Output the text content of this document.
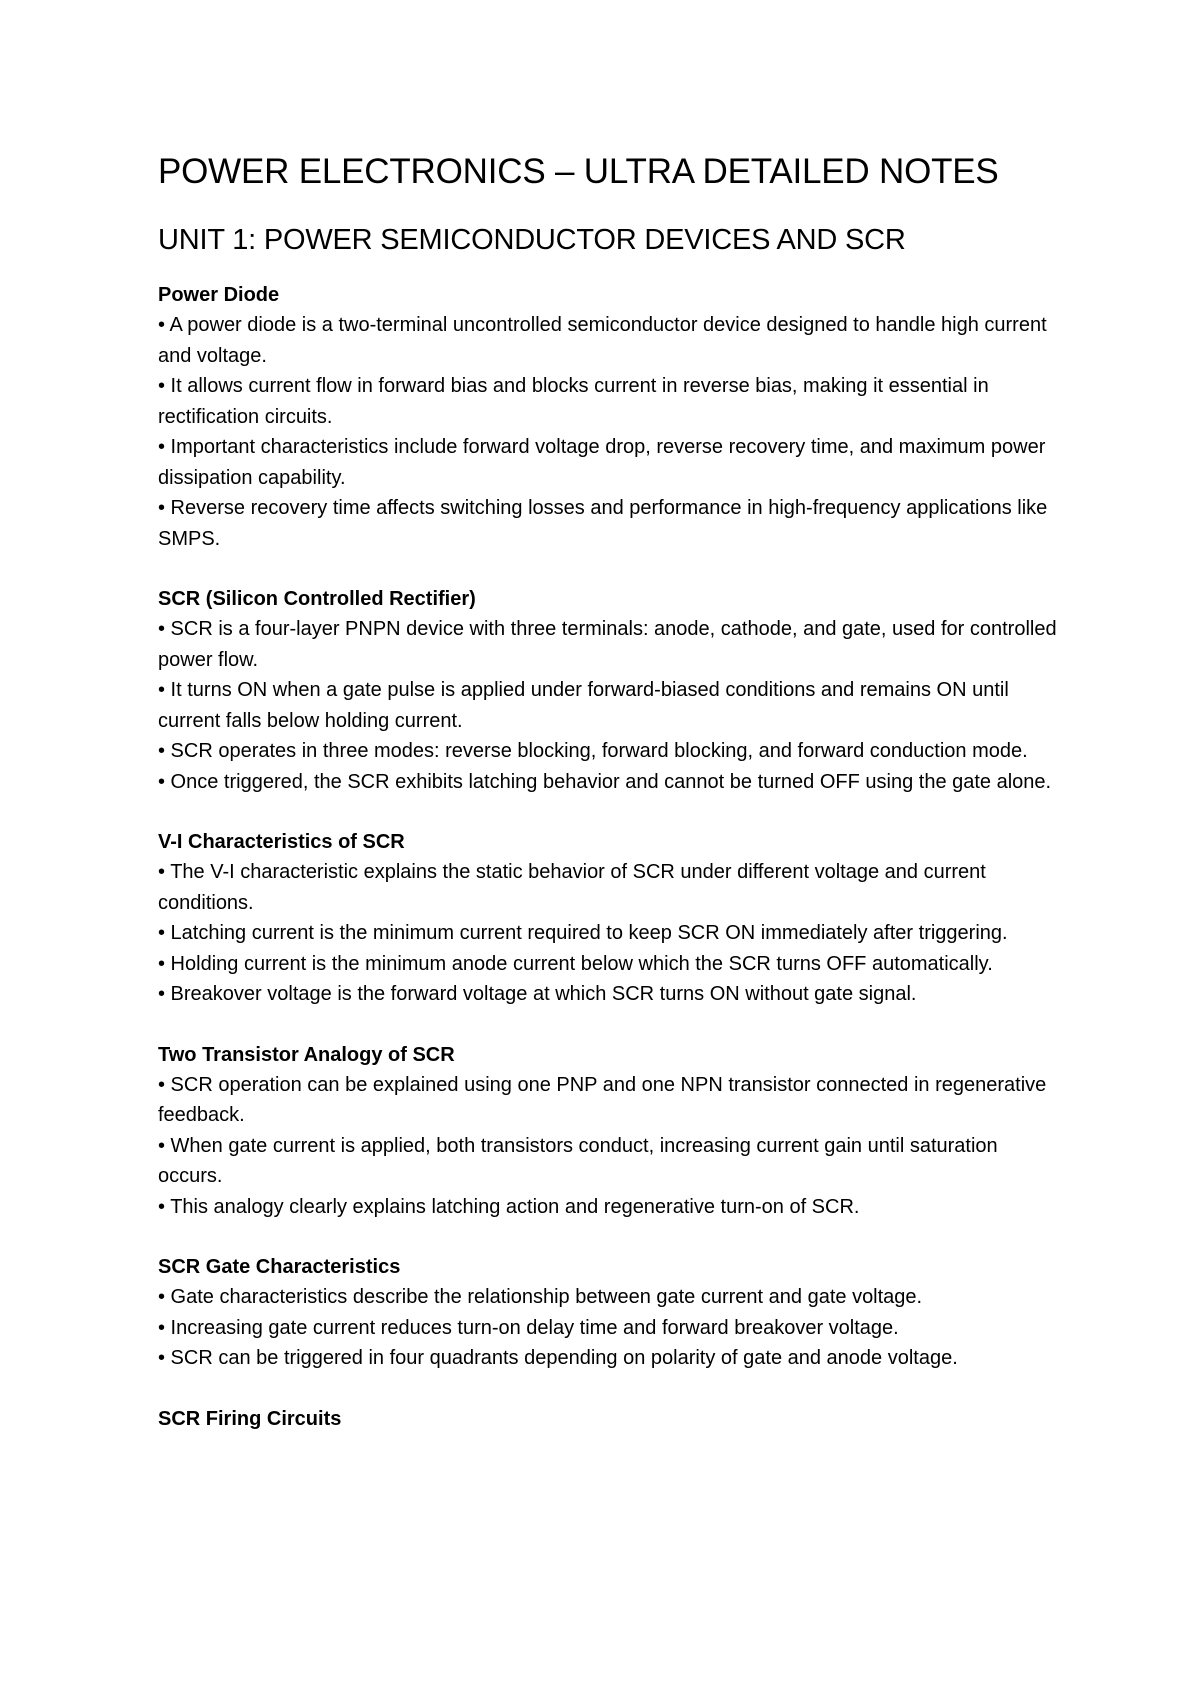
POWER ELECTRONICS – ULTRA DETAILED NOTES
UNIT 1: POWER SEMICONDUCTOR DEVICES AND SCR

Power Diode

• A power diode is a two-terminal uncontrolled semiconductor device designed to handle high current and voltage.

• It allows current flow in forward bias and blocks current in reverse bias, making it essential in rectification circuits.

• Important characteristics include forward voltage drop, reverse recovery time, and maximum power dissipation capability.

• Reverse recovery time affects switching losses and performance in high-frequency applications like SMPS.

SCR (Silicon Controlled Rectifier)

• SCR is a four-layer PNPN device with three terminals: anode, cathode, and gate, used for controlled power flow.

• It turns ON when a gate pulse is applied under forward-biased conditions and remains ON until current falls below holding current.

• SCR operates in three modes: reverse blocking, forward blocking, and forward conduction mode.

• Once triggered, the SCR exhibits latching behavior and cannot be turned OFF using the gate alone.

V-I Characteristics of SCR

• The V-I characteristic explains the static behavior of SCR under different voltage and current conditions.

• Latching current is the minimum current required to keep SCR ON immediately after triggering.

• Holding current is the minimum anode current below which the SCR turns OFF automatically.

• Breakover voltage is the forward voltage at which SCR turns ON without gate signal.

Two Transistor Analogy of SCR

• SCR operation can be explained using one PNP and one NPN transistor connected in regenerative feedback.

• When gate current is applied, both transistors conduct, increasing current gain until saturation occurs.

• This analogy clearly explains latching action and regenerative turn-on of SCR.

SCR Gate Characteristics

• Gate characteristics describe the relationship between gate current and gate voltage.

• Increasing gate current reduces turn-on delay time and forward breakover voltage.

• SCR can be triggered in four quadrants depending on polarity of gate and anode voltage.

SCR Firing Circuits
